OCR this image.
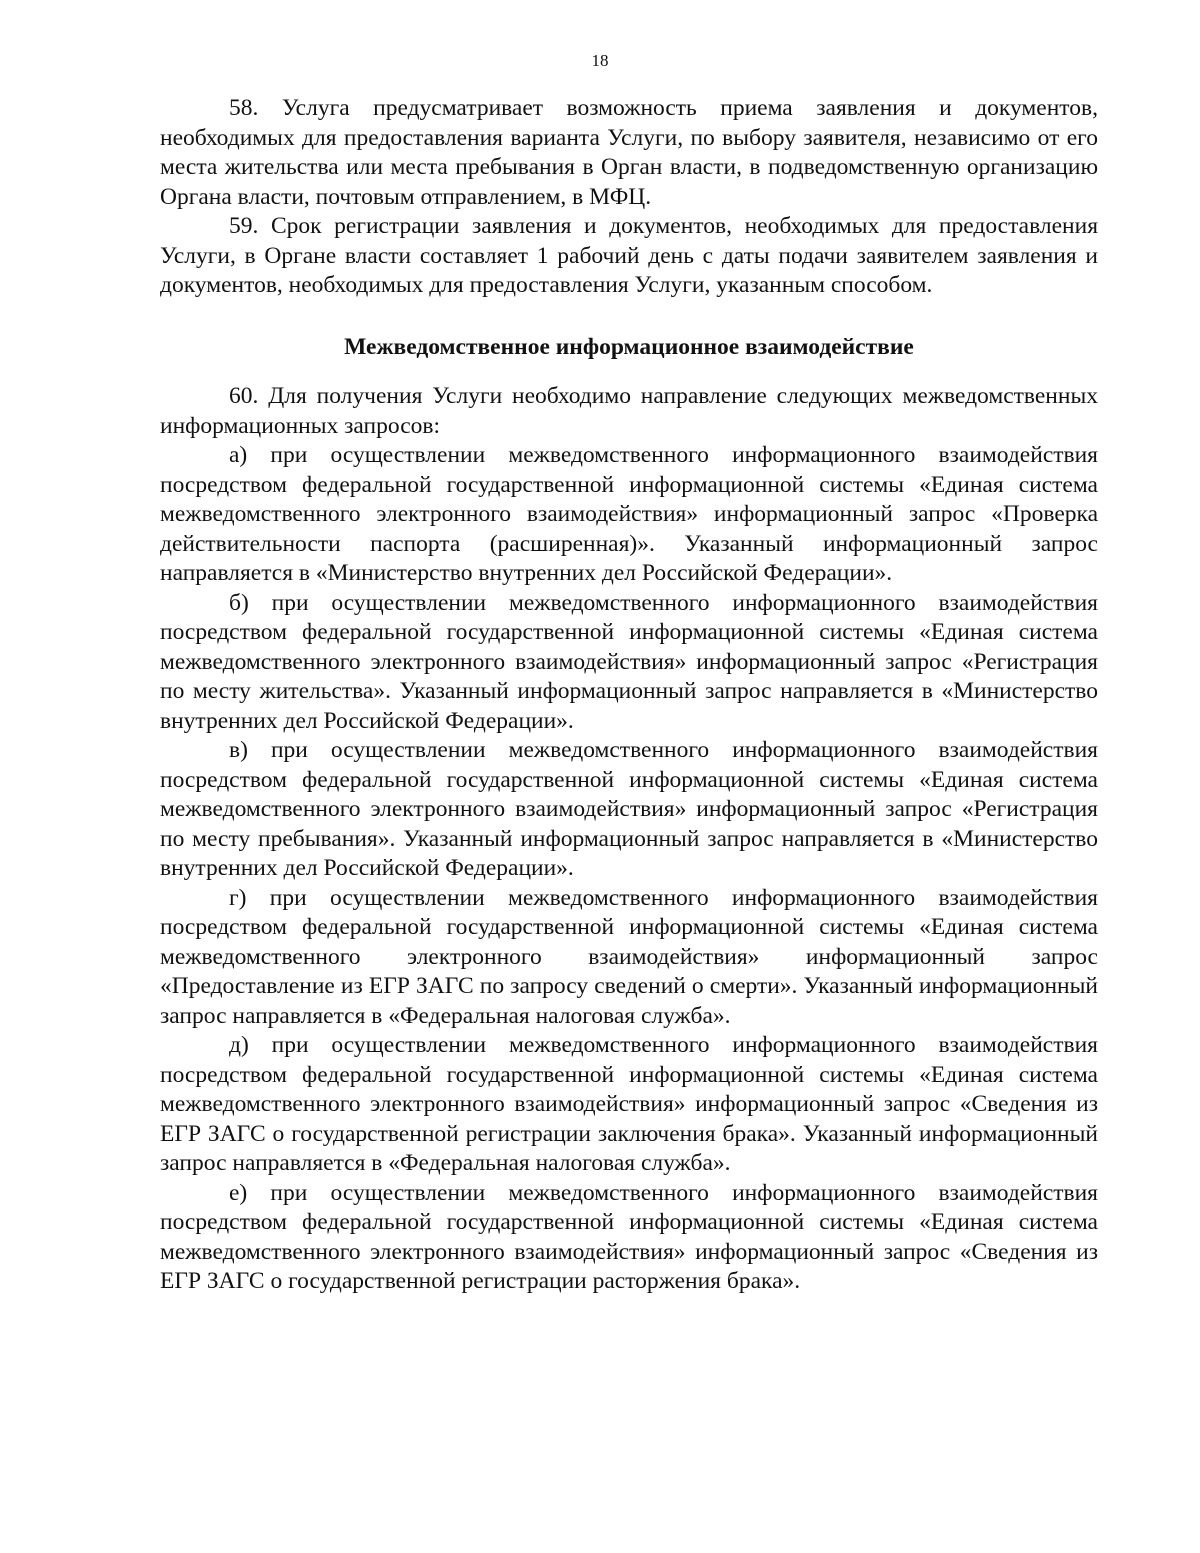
18

58. Услуга предусматривает возможность приема заявления и документов, необходимых для предоставления варианта Услуги, по выбору заявителя, независимо от его места жительства или места пребывания в Орган власти, в подведомственную организацию Органа власти, почтовым отправлением, в МФЦ.

59. Срок регистрации заявления и документов, необходимых для предоставления Услуги, в Органе власти составляет 1 рабочий день с даты подачи заявителем заявления и документов, необходимых для предоставления Услуги, указанным способом.

Межведомственное информационное взаимодействие

60. Для получения Услуги необходимо направление следующих межведомственных информационных запросов:

а) при осуществлении межведомственного информационного взаимодействия посредством федеральной государственной информационной системы «Единая система межведомственного электронного взаимодействия» информационный запрос «Проверка действительности паспорта (расширенная)». Указанный информационный запрос направляется в «Министерство внутренних дел Российской Федерации».

б) при осуществлении межведомственного информационного взаимодействия посредством федеральной государственной информационной системы «Единая система межведомственного электронного взаимодействия» информационный запрос «Регистрация по месту жительства». Указанный информационный запрос направляется в «Министерство внутренних дел Российской Федерации».

в) при осуществлении межведомственного информационного взаимодействия посредством федеральной государственной информационной системы «Единая система межведомственного электронного взаимодействия» информационный запрос «Регистрация по месту пребывания». Указанный информационный запрос направляется в «Министерство внутренних дел Российской Федерации».

г) при осуществлении межведомственного информационного взаимодействия посредством федеральной государственной информационной системы «Единая система межведомственного электронного взаимодействия» информационный запрос «Предоставление из ЕГР ЗАГС по запросу сведений о смерти». Указанный информационный запрос направляется в «Федеральная налоговая служба».

д) при осуществлении межведомственного информационного взаимодействия посредством федеральной государственной информационной системы «Единая система межведомственного электронного взаимодействия» информационный запрос «Сведения из ЕГР ЗАГС о государственной регистрации заключения брака». Указанный информационный запрос направляется в «Федеральная налоговая служба».

е) при осуществлении межведомственного информационного взаимодействия посредством федеральной государственной информационной системы «Единая система межведомственного электронного взаимодействия» информационный запрос «Сведения из ЕГР ЗАГС о государственной регистрации расторжения брака».
